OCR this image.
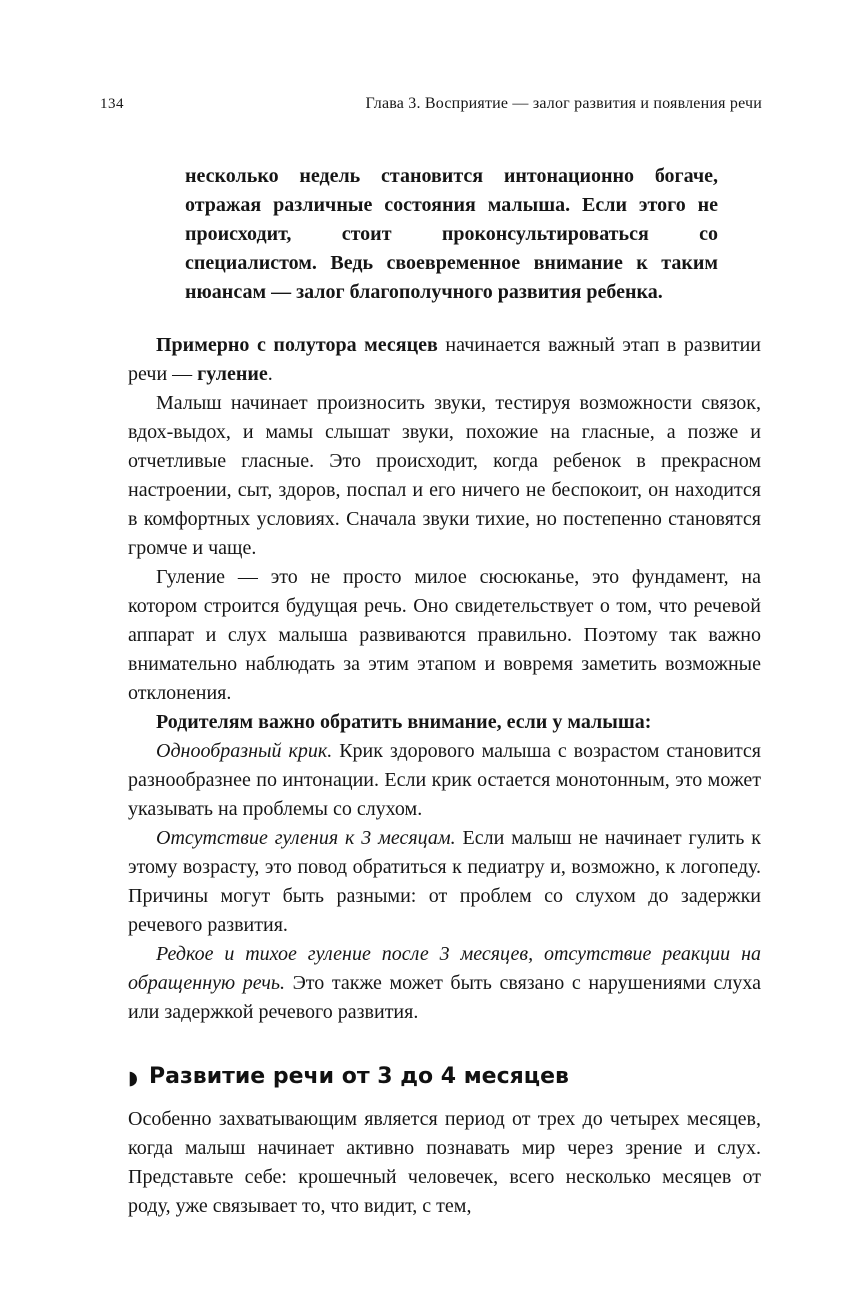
134	Глава 3. Восприятие — залог развития и появления речи
несколько недель становится интонационно богаче, отражая различные состояния малыша. Если этого не происходит, стоит проконсультироваться со специалистом. Ведь своевременное внимание к таким нюансам — залог благополучного развития ребенка.

Примерно с полутора месяцев начинается важный этап в развитии речи — гуление.

Малыш начинает произносить звуки, тестируя возможности связок, вдох-выдох, и мамы слышат звуки, похожие на гласные, а позже и отчетливые гласные. Это происходит, когда ребенок в прекрасном настроении, сыт, здоров, поспал и его ничего не беспокоит, он находится в комфортных условиях. Сначала звуки тихие, но постепенно становятся громче и чаще.

Гуление — это не просто милое сюсюканье, это фундамент, на котором строится будущая речь. Оно свидетельствует о том, что речевой аппарат и слух малыша развиваются правильно. Поэтому так важно внимательно наблюдать за этим этапом и вовремя заметить возможные отклонения.

Родителям важно обратить внимание, если у малыша:

Однообразный крик. Крик здорового малыша с возрастом становится разнообразнее по интонации. Если крик остается монотонным, это может указывать на проблемы со слухом.

Отсутствие гуления к 3 месяцам. Если малыш не начинает гулить к этому возрасту, это повод обратиться к педиатру и, возможно, к логопеду. Причины могут быть разными: от проблем со слухом до задержки речевого развития.

Редкое и тихое гуление после 3 месяцев, отсутствие реакции на обращенную речь. Это также может быть связано с нарушениями слуха или задержкой речевого развития.

◗ Развитие речи от 3 до 4 месяцев

Особенно захватывающим является период от трех до четырех месяцев, когда малыш начинает активно познавать мир через зрение и слух. Представьте себе: крошечный человечек, всего несколько месяцев от роду, уже связывает то, что видит, с тем,
